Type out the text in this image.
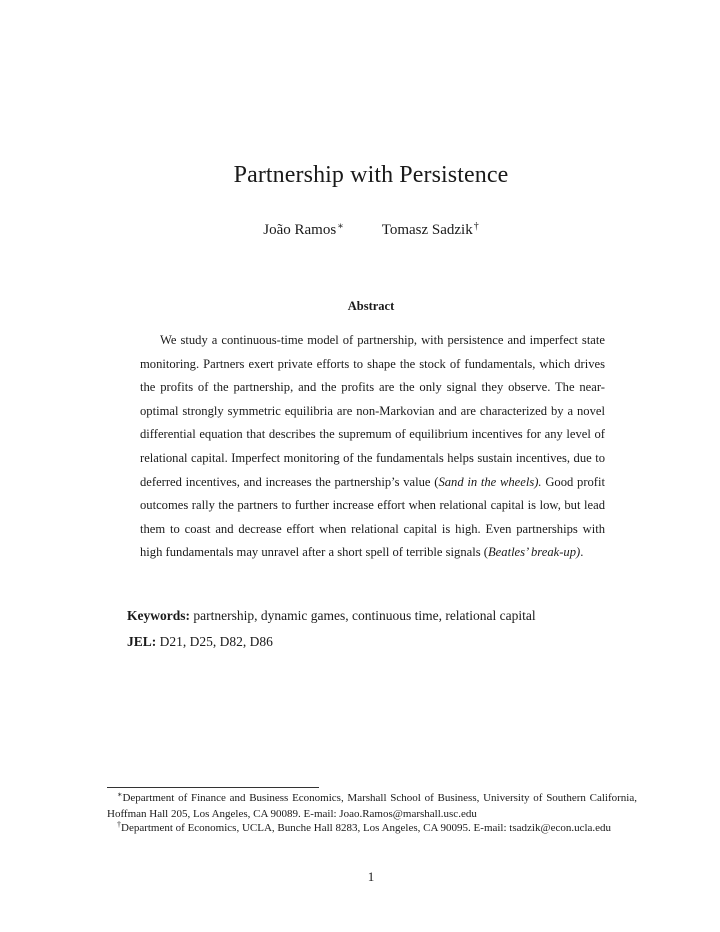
Partnership with Persistence
João Ramos∗	Tomasz Sadzik†
Abstract

We study a continuous-time model of partnership, with persistence and imperfect state monitoring. Partners exert private efforts to shape the stock of fundamentals, which drives the profits of the partnership, and the profits are the only signal they observe. The near-optimal strongly symmetric equilibria are non-Markovian and are characterized by a novel differential equation that describes the supremum of equilibrium incentives for any level of relational capital. Imperfect monitoring of the fundamentals helps sustain incentives, due to deferred incentives, and increases the partnership’s value (Sand in the wheels). Good profit outcomes rally the partners to further increase effort when relational capital is low, but lead them to coast and decrease effort when relational capital is high. Even partnerships with high fundamentals may unravel after a short spell of terrible signals (Beatles’ break-up).

Keywords: partnership, dynamic games, continuous time, relational capital
JEL: D21, D25, D82, D86

∗Department of Finance and Business Economics, Marshall School of Business, University of Southern California, Hoffman Hall 205, Los Angeles, CA 90089. E-mail: Joao.Ramos@marshall.usc.edu

†Department of Economics, UCLA, Bunche Hall 8283, Los Angeles, CA 90095. E-mail: tsadzik@econ.ucla.edu

1
